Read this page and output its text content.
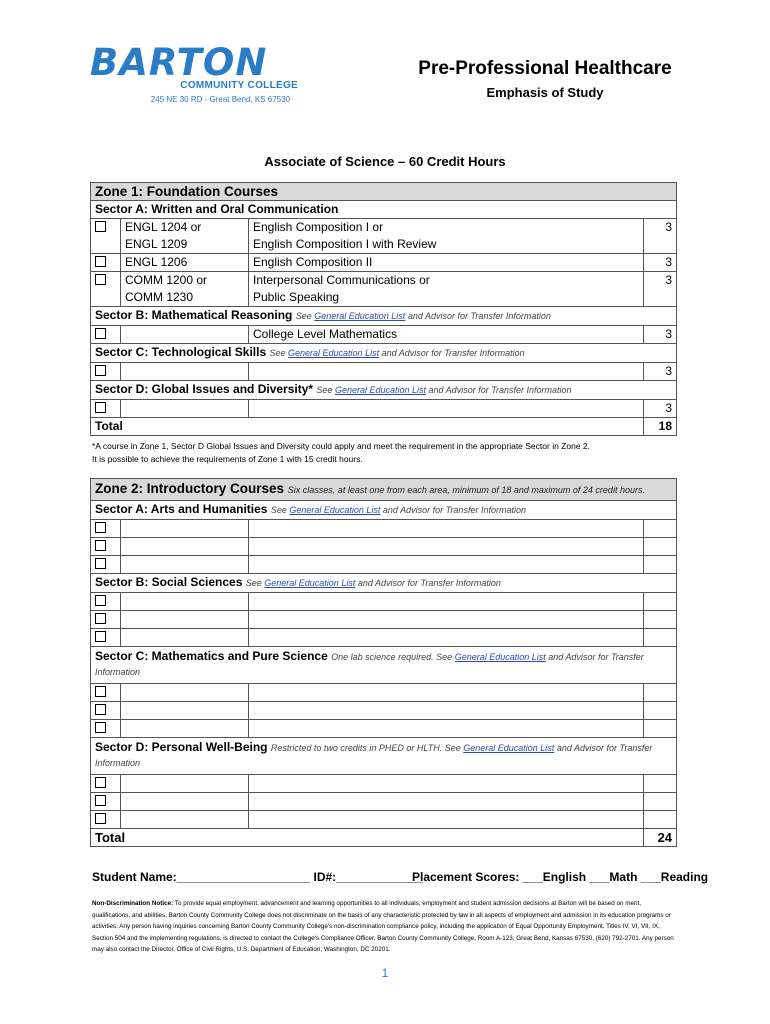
BARTON
COMMUNITY COLLEGE
245 NE 30 RD - Great Bend, KS 67530
Pre-Professional Healthcare
Emphasis of Study
Associate of Science – 60 Credit Hours
Zone 1: Foundation Courses			
Sector A: Written and Oral Communication			
	ENGL 1204 or	English Composition I or	3
	ENGL 1209	English Composition I with Review	
	ENGL 1206	English Composition II	3
	COMM 1200 or	Interpersonal Communications or	3
	COMM 1230	Public Speaking	
Sector B: Mathematical Reasoning See General Education List and Advisor for Transfer Information			
		College Level Mathematics	3
Sector C: Technological Skills See General Education List and Advisor for Transfer Information			
			3
Sector D: Global Issues and Diversity* See General Education List and Advisor for Transfer Information			
			3
Total			18
*A course in Zone 1, Sector D Global Issues and Diversity could apply and meet the requirement in the appropriate Sector in Zone 2.
It is possible to achieve the requirements of Zone 1 with 15 credit hours.
Zone 2: Introductory Courses Six classes, at least one from each area, minimum of 18 and maximum of 24 credit hours.			
Sector A: Arts and Humanities See General Education List and Advisor for Transfer Information			

Sector B: Social Sciences See General Education List and Advisor for Transfer Information			

Sector C: Mathematics and Pure Science One lab science required. See General Education List and Advisor for Transfer Information			

Sector D: Personal Well-Being Restricted to two credits in PHED or HLTH. See General Education List and Advisor for Transfer Information			

Total			24
Student Name:____________________ ID#:_____________
Placement Scores: ___English ___Math ___Reading
Non-Discrimination Notice: To provide equal employment, advancement and learning opportunities to all individuals, employment and student admission decisions at Barton will be based on merit, qualifications, and abilities. Barton County Community College does not discriminate on the basis of any characteristic protected by law in all aspects of employment and admission in its education programs or activities. Any person having inquiries concerning Barton County Community College's non-discrimination compliance policy, including the application of Equal Opportunity Employment, Titles IV, VI, VII, IX, Section 504 and the implementing regulations, is directed to contact the College's Compliance Officer, Barton County Community College, Room A-123, Great Bend, Kansas 67530, (620) 792-2701. Any person may also contact the Director, Office of Civil Rights, U.S. Department of Education, Washington, DC 20201.
1
